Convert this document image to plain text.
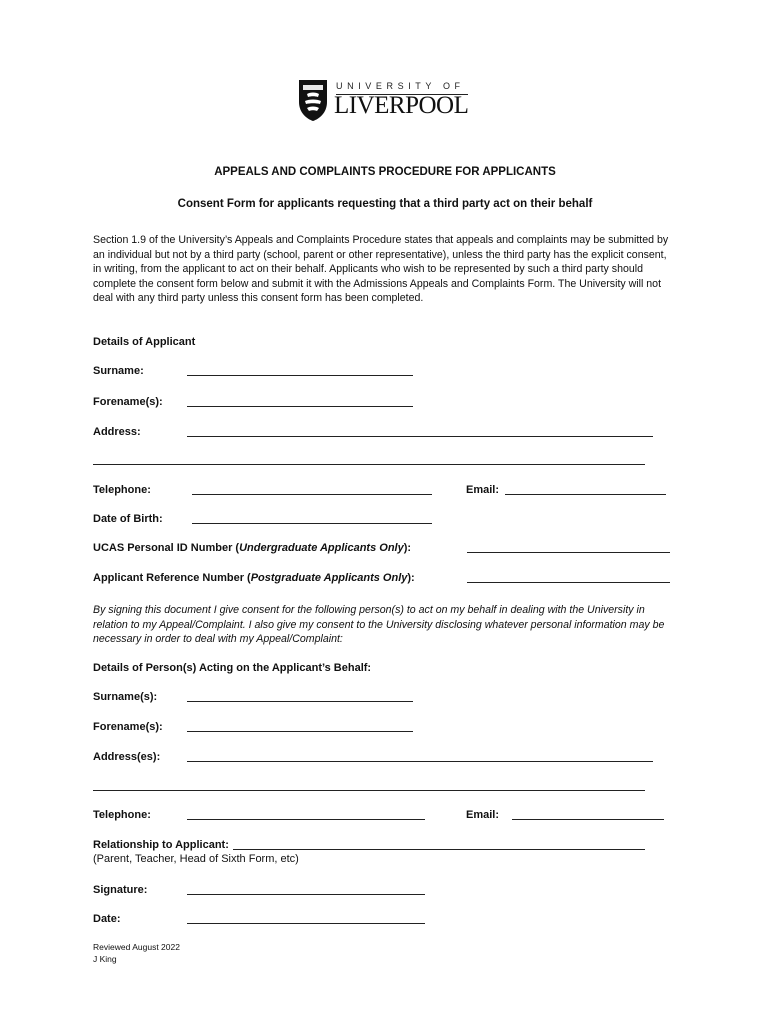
UNIVERSITY OF
LIVERPOOL
APPEALS AND COMPLAINTS PROCEDURE FOR APPLICANTS
Consent Form for applicants requesting that a third party act on their behalf
Section 1.9 of the University’s Appeals and Complaints Procedure states that appeals and complaints may be submitted by an individual but not by a third party (school, parent or other representative), unless the third party has the explicit consent, in writing, from the applicant to act on their behalf. Applicants who wish to be represented by such a third party should complete the consent form below and submit it with the Admissions Appeals and Complaints Form. The University will not deal with any third party unless this consent form has been completed.
Details of Applicant
Surname:
Forename(s):
Address:
Telephone:	Email:
Date of Birth:
UCAS Personal ID Number (Undergraduate Applicants Only):
Applicant Reference Number (Postgraduate Applicants Only):
By signing this document I give consent for the following person(s) to act on my behalf in dealing with the University in relation to my Appeal/Complaint. I also give my consent to the University disclosing whatever personal information may be necessary in order to deal with my Appeal/Complaint:
Details of Person(s) Acting on the Applicant’s Behalf:
Surname(s):
Forename(s):
Address(es):
Telephone:	Email:
Relationship to Applicant:
(Parent, Teacher, Head of Sixth Form, etc)
Signature:
Date:
Reviewed August 2022
J King
